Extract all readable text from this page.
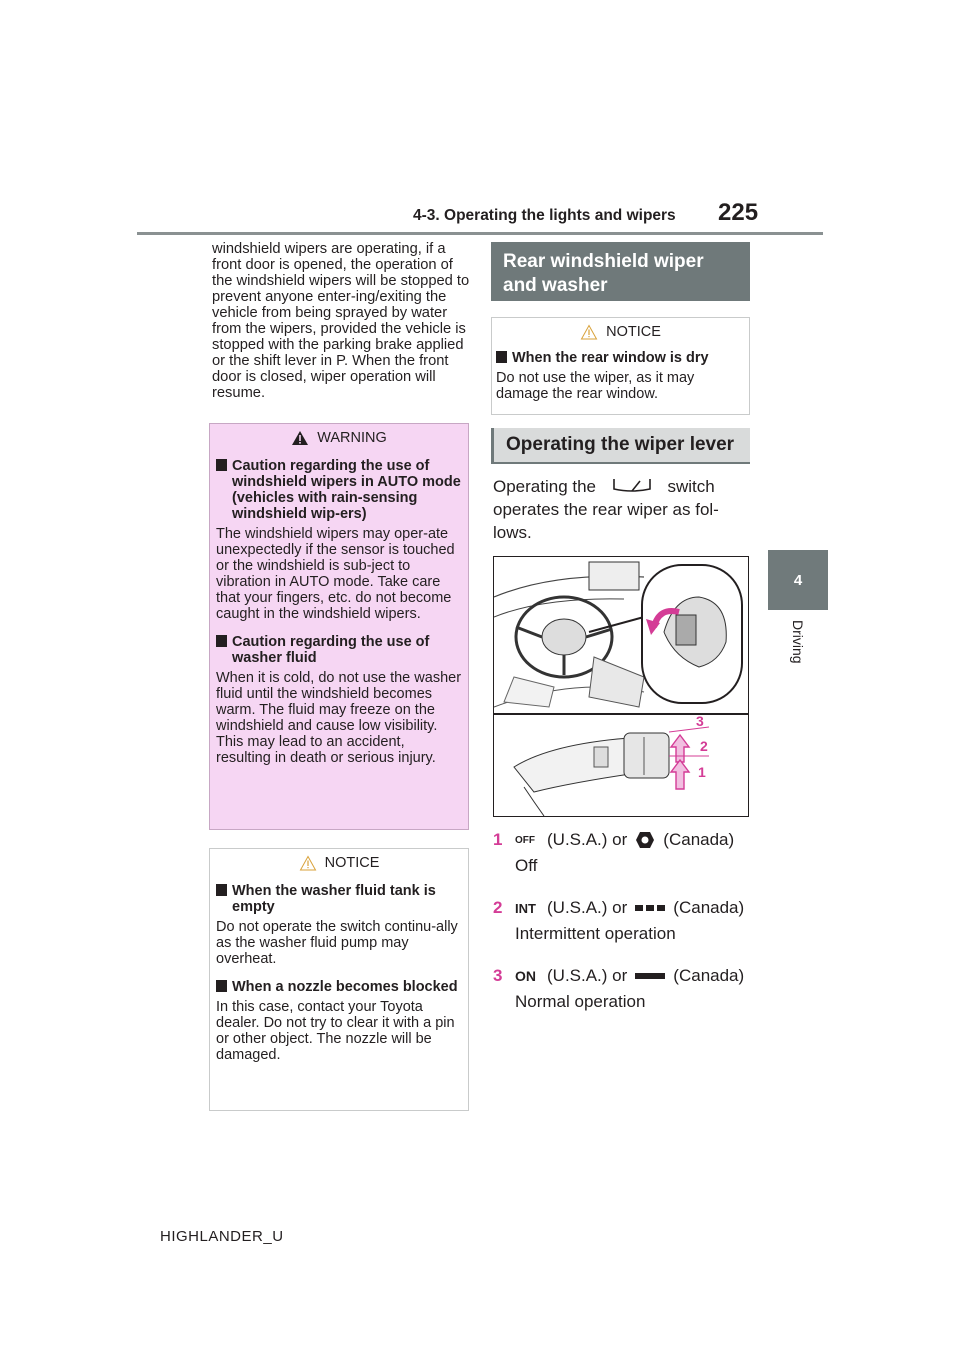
4-3. Operating the lights and wipers 225
4
Driving
windshield wipers are operating, if a front door is opened, the operation of the windshield wipers will be stopped to prevent anyone enter-ing/exiting the vehicle from being sprayed by water from the wipers, provided the vehicle is stopped with the parking brake applied or the shift lever in P. When the front door is closed, wiper operation will resume.
WARNING
Caution regarding the use of windshield wipers in AUTO mode (vehicles with rain-sensing windshield wip-ers)
The windshield wipers may oper-ate unexpectedly if the sensor is touched or the windshield is sub-ject to vibration in AUTO mode. Take care that your fingers, etc. do not become caught in the windshield wipers.
Caution regarding the use of washer fluid
When it is cold, do not use the washer fluid until the windshield becomes warm. The fluid may freeze on the windshield and cause low visibility. This may lead to an accident, resulting in death or serious injury.
NOTICE
When the washer fluid tank is empty
Do not operate the switch continu-ally as the washer fluid pump may overheat.
When a nozzle becomes blocked
In this case, contact your Toyota dealer. Do not try to clear it with a pin or other object. The nozzle will be damaged.
Rear windshield wiper and washer
NOTICE
When the rear window is dry
Do not use the wiper, as it may damage the rear window.
Operating the wiper lever
Operating the	switch
operates the rear wiper as fol-lows.
3
2
1
1	OFF (U.S.A.) or (Canada)
Off
2 INT (U.S.A.) or	(Canada)
Intermittent operation
3 ON (U.S.A.) or	(Canada)
Normal operation
HIGHLANDER_U
